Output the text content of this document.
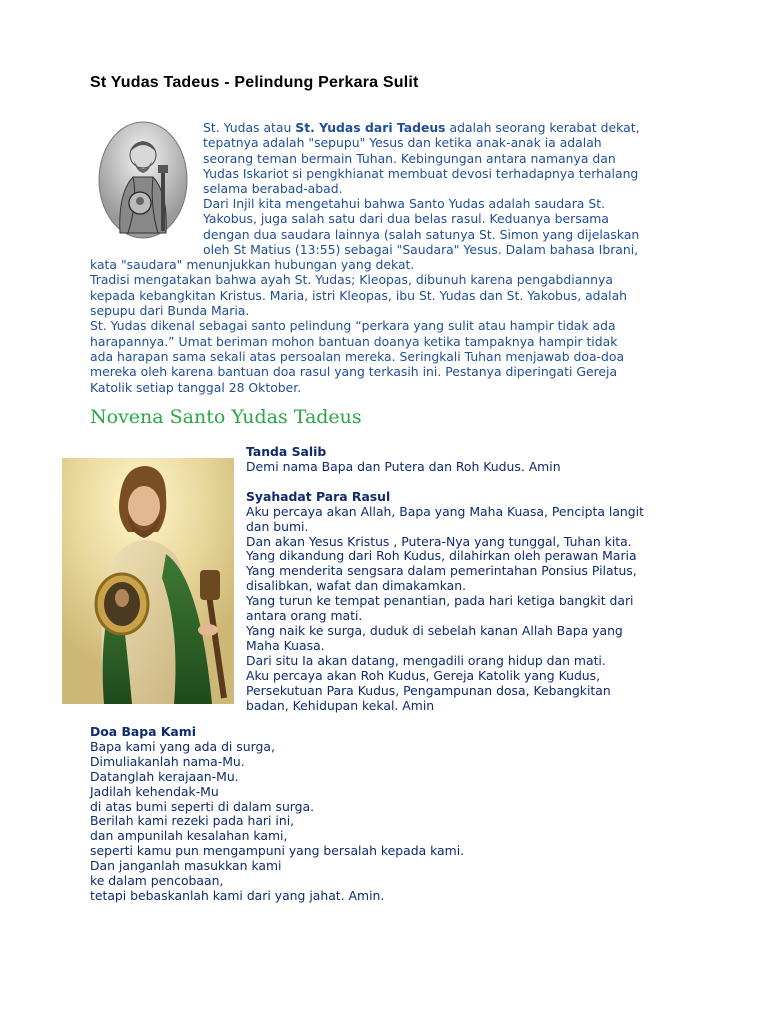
St Yudas Tadeus - Pelindung Perkara Sulit
St. Yudas atau St. Yudas dari Tadeus adalah seorang kerabat dekat,
tepatnya adalah "sepupu" Yesus dan ketika anak-anak ia adalah
seorang teman bermain Tuhan. Kebingungan antara namanya dan
Yudas Iskariot si pengkhianat membuat devosi terhadapnya terhalang
selama berabad-abad.
Dari Injil kita mengetahui bahwa Santo Yudas adalah saudara St.
Yakobus, juga salah satu dari dua belas rasul. Keduanya bersama
dengan dua saudara lainnya (salah satunya St. Simon yang dijelaskan
oleh St Matius (13:55) sebagai "Saudara" Yesus. Dalam bahasa Ibrani,
kata "saudara" menunjukkan hubungan yang dekat.
Tradisi mengatakan bahwa ayah St. Yudas; Kleopas, dibunuh karena pengabdiannya
kepada kebangkitan Kristus. Maria, istri Kleopas, ibu St. Yudas dan St. Yakobus, adalah
sepupu dari Bunda Maria.
St. Yudas dikenal sebagai santo pelindung “perkara yang sulit atau hampir tidak ada
harapannya.” Umat beriman mohon bantuan doanya ketika tampaknya hampir tidak
ada harapan sama sekali atas persoalan mereka. Seringkali Tuhan menjawab doa-doa
mereka oleh karena bantuan doa rasul yang terkasih ini. Pestanya diperingati Gereja
Katolik setiap tanggal 28 Oktober.
Novena Santo Yudas Tadeus
Tanda Salib
Demi nama Bapa dan Putera dan Roh Kudus. Amin
Syahadat Para Rasul
Aku percaya akan Allah, Bapa yang Maha Kuasa, Pencipta langit
dan bumi.
Dan akan Yesus Kristus , Putera-Nya yang tunggal, Tuhan kita.
Yang dikandung dari Roh Kudus, dilahirkan oleh perawan Maria
Yang menderita sengsara dalam pemerintahan Ponsius Pilatus,
disalibkan, wafat dan dimakamkan.
Yang turun ke tempat penantian, pada hari ketiga bangkit dari
antara orang mati.
Yang naik ke surga, duduk di sebelah kanan Allah Bapa yang
Maha Kuasa.
Dari situ Ia akan datang, mengadili orang hidup dan mati.
Aku percaya akan Roh Kudus, Gereja Katolik yang Kudus,
Persekutuan Para Kudus, Pengampunan dosa, Kebangkitan
badan, Kehidupan kekal. Amin
Doa Bapa Kami
Bapa kami yang ada di surga,
Dimuliakanlah nama-Mu.
Datanglah kerajaan-Mu.
Jadilah kehendak-Mu
di atas bumi seperti di dalam surga.
Berilah kami rezeki pada hari ini,
dan ampunilah kesalahan kami,
seperti kamu pun mengampuni yang bersalah kepada kami.
Dan janganlah masukkan kami
ke dalam pencobaan,
tetapi bebaskanlah kami dari yang jahat. Amin.
